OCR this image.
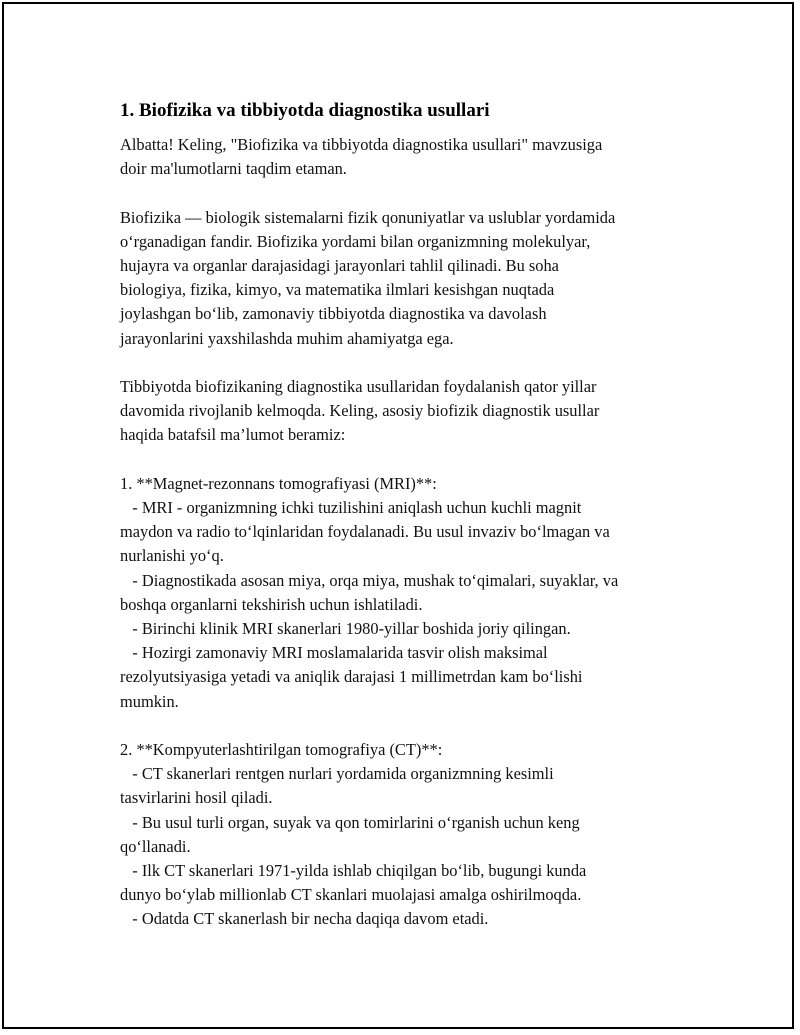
1. Biofizika va tibbiyotda diagnostika usullari

Albatta! Keling, "Biofizika va tibbiyotda diagnostika usullari" mavzusiga
doir ma'lumotlarni taqdim etaman.

Biofizika — biologik sistemalarni fizik qonuniyatlar va uslublar yordamida
o‘rganadigan fandir. Biofizika yordami bilan organizmning molekulyar,
hujayra va organlar darajasidagi jarayonlari tahlil qilinadi. Bu soha
biologiya, fizika, kimyo, va matematika ilmlari kesishgan nuqtada
joylashgan bo‘lib, zamonaviy tibbiyotda diagnostika va davolash
jarayonlarini yaxshilashda muhim ahamiyatga ega.

Tibbiyotda biofizikaning diagnostika usullaridan foydalanish qator yillar
davomida rivojlanib kelmoqda. Keling, asosiy biofizik diagnostik usullar
haqida batafsil ma’lumot beramiz:

1. **Magnet-rezonnans tomografiyasi (MRI)**:
- MRI - organizmning ichki tuzilishini aniqlash uchun kuchli magnit
maydon va radio to‘lqinlaridan foydalanadi. Bu usul invaziv bo‘lmagan va
nurlanishi yo‘q.
- Diagnostikada asosan miya, orqa miya, mushak to‘qimalari, suyaklar, va
boshqa organlarni tekshirish uchun ishlatiladi.
- Birinchi klinik MRI skanerlari 1980-yillar boshida joriy qilingan.
- Hozirgi zamonaviy MRI moslamalarida tasvir olish maksimal
rezolyutsiyasiga yetadi va aniqlik darajasi 1 millimetrdan kam bo‘lishi
mumkin.

2. **Kompyuterlashtirilgan tomografiya (CT)**:
- CT skanerlari rentgen nurlari yordamida organizmning kesimli
tasvirlarini hosil qiladi.
- Bu usul turli organ, suyak va qon tomirlarini o‘rganish uchun keng
qo‘llanadi.
- Ilk CT skanerlari 1971-yilda ishlab chiqilgan bo‘lib, bugungi kunda
dunyo bo‘ylab millionlab CT skanlari muolajasi amalga oshirilmoqda.
- Odatda CT skanerlash bir necha daqiqa davom etadi.
